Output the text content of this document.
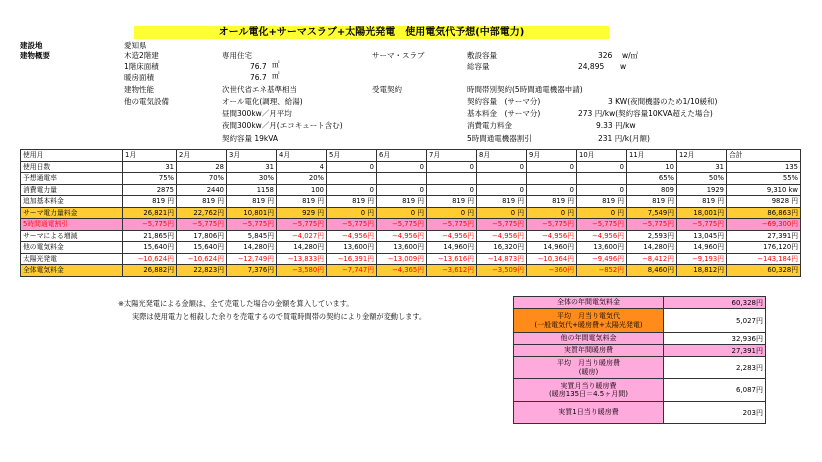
オール電化+サーマスラブ+太陽光発電　使用電気代予想(中部電力)
建設地	愛知県
建物概要	木造2階建	専用住宅	サーマ・スラブ	敷設容量	326 w/㎡
1階床面積	76.7 ㎡	総容量	24,895 w
暖房面積	76.7 ㎡
建物性能	次世代省エネ基準相当	受電契約	時間帯別契約(5時間通電機器申請)
他の電気設備	オール電化(調理、給湯)	契約容量　(サーマ分)	3 KW(夜間機器のため1/10緩和)
昼間300kw／月平均	基本料金　(サーマ分)	273 円/kw(契約容量10KVA超えた場合)
夜間300kw／月(エコキュート含む)	消費電力料金	9.33 円/kw
契約容量 19kVA	5時間通電機器割引	231 円/k(月額)
使用月	1月	2月	3月	4月	5月	6月	7月	8月	9月	10月	11月	12月	合計
使用日数	31	28	31	4	0	0	0	0	0	0	10	31	135
予想通電率	75%	70%	30%	20%							65%	50%	55%
消費電力量	2875	2440	1158	100	0	0	0	0	0	0	809	1929	9,310 kw
追加基本料金	819 円	819 円	819 円	819 円	819 円	819 円	819 円	819 円	819 円	819 円	819 円	819 円	9828 円
サーマ電力量料金	26,821円	22,762円	10,801円	929 円	0 円	0 円	0 円	0 円	0 円	0 円	7,549円	18,001円	86,863円
5時間通電割引	−5,775円	−5,775円	−5,775円	−5,775円	−5,775円	−5,775円	−5,775円	−5,775円	−5,775円	−5,775円	−5,775円	−5,775円	−69,300円
サーマによる増減	21,865円	17,806円	5,845円	−4,027円	−4,956円	−4,956円	−4,956円	−4,956円	−4,956円	−4,956円	2,593円	13,045円	27,391円
他の電気料金	15,640円	15,640円	14,280円	14,280円	13,600円	13,600円	14,960円	16,320円	14,960円	13,600円	14,280円	14,960円	176,120円
太陽光発電	−10,624円	−10,624円	−12,749円	−13,833円	−16,391円	−13,009円	−13,616円	−14,873円	−10,364円	−9,496円	−8,412円	−9,193円	−143,184円
全体電気料金	26,882円	22,823円	7,376円	−3,580円	−7,747円	−4,365円	−3,612円	−3,509円	−360円	−852円	8,460円	18,812円	60,328円
※太陽光発電による金額は、全て売電した場合の金額を算入しています。
実際は使用電力と相殺した余りを売電するので買電時間帯の契約により金額が変動します。
全体の年間電気料金	60,328円
平均　月当り電気代
(一般電気代+暖房費+太陽光発電)	5,027円
他の年間電気料金	32,936円
実質年間暖房費	27,391円
平均　月当り暖房費
(暖房)	2,283円
実質月当り暖房費
(暖房135日＝4.5ヶ月間)	6,087円
実質1日当り暖房費	203円
